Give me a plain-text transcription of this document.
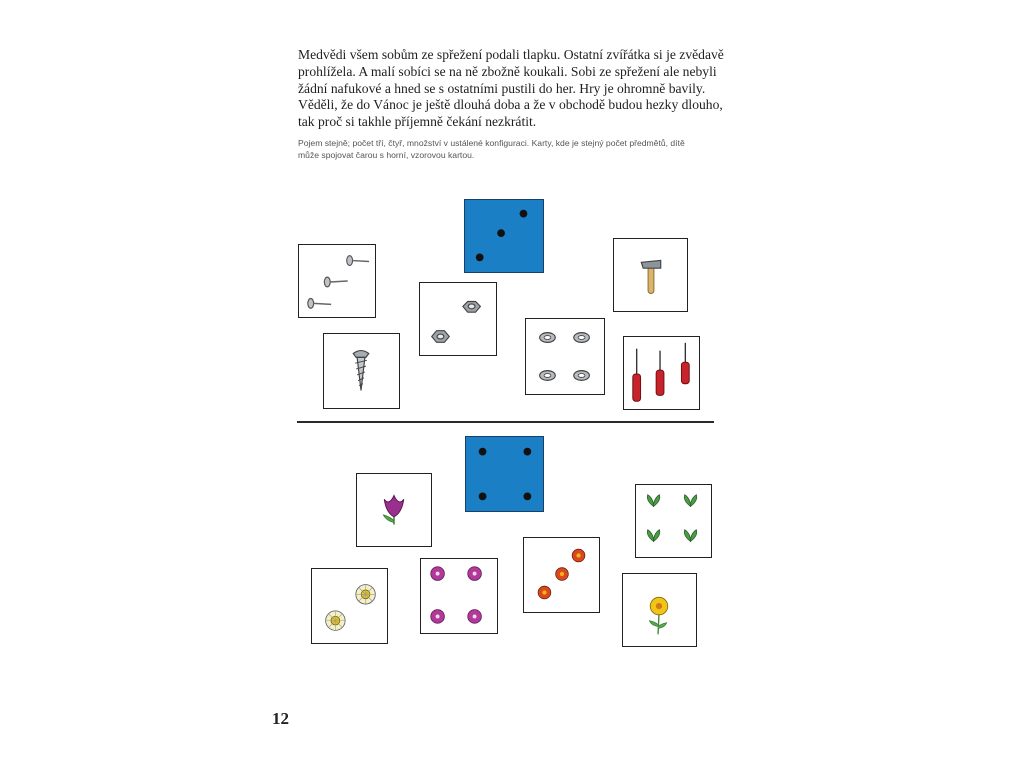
Medvědi všem sobům ze spřežení podali tlapku. Ostatní zvířátka si je zvědavě
prohlížela. A malí sobíci se na ně zbožně koukali. Sobi ze spřežení ale nebyli
žádní nafukové a hned se s ostatními pustili do her. Hry je ohromně bavily.
Věděli, že do Vánoc je ještě dlouhá doba a že v obchodě budou hezky dlouho,
tak proč si takhle příjemně čekání nezkrátit.
Pojem stejně; počet tří, čtyř, množství v ustálené konfiguraci. Karty, kde je stejný počet předmětů, dítě
může spojovat čarou s horní, vzorovou kartou.
12
